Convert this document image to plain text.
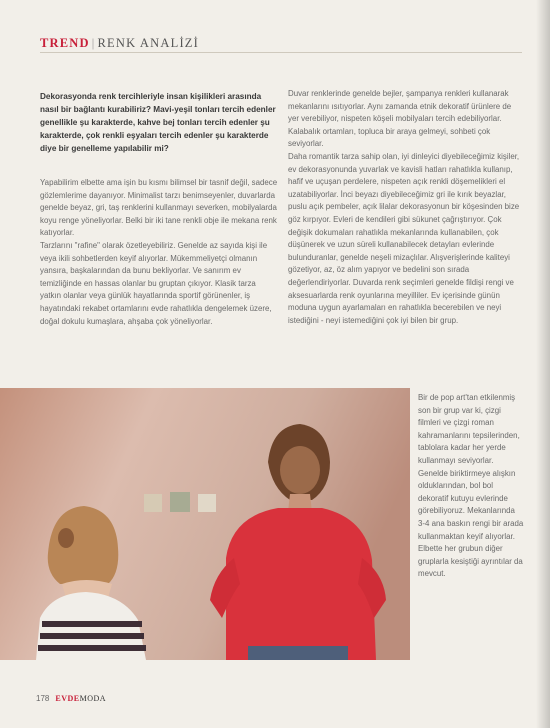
TREND | RENK ANALİZİ

Dekorasyonda renk tercihleriyle insan kişilikleri arasında nasıl bir bağlantı kurabiliriz? Mavi-yeşil tonları tercih edenler genellikle şu karakterde, kahve bej tonları tercih edenler şu karakterde, çok renkli eşyaları tercih edenler şu karakterde diye bir genelleme yapılabilir mi?

Yapabilirim elbette ama işin bu kısmı bilimsel bir tasnif değil, sadece gözlemlerime dayanıyor. Minimalist tarzı benimseyenler, duvarlarda genelde beyaz, gri, taş renklerini kullanmayı severken, mobilyalarda koyu renge yöneliyorlar. Belki bir iki tane renkli obje ile mekana renk katıyorlar.

Tarzlarını "rafine" olarak özetleyebiliriz. Genelde az sayıda kişi ile veya ikili sohbetlerden keyif alıyorlar. Mükemmeliyetçi olmanın yansıra, başkalarından da bunu bekliyorlar. Ve sanırım ev temizliğinde en hassas olanlar bu gruptan çıkıyor. Klasik tarza yatkın olanlar veya günlük hayatlarında sportif görünenler, iş hayatındaki rekabet ortamlarını evde rahatlıkla dengelemek üzere, doğal dokulu kumaşlara, ahşaba çok yöneliyorlar.

Duvar renklerinde genelde bejler, şampanya renkleri kullanarak mekanlarını ısıtıyorlar. Aynı zamanda etnik dekoratif ürünlere de yer verebiliyor, nispeten köşeli mobilyaları tercih edebiliyorlar. Kalabalık ortamları, topluca bir araya gelmeyi, sohbeti çok seviyorlar.

Daha romantik tarza sahip olan, iyi dinleyici diyebileceğimiz kişiler, ev dekorasyonunda yuvarlak ve kavisli hatları rahatlıkla kullanıp, hafif ve uçuşan perdelere, nispeten açık renkli döşemelikleri el uzatabiliyorlar. İnci beyazı diyebileceğimiz gri ile kırık beyazlar, puslu açık pembeler, açık lilalar dekorasyonun bir köşesinden bize göz kırpıyor. Evleri de kendileri gibi sükunet çağrıştırıyor. Çok değişik dokumaları rahatlıkla mekanlarında kullanabilen, çok düşünerek ve uzun süreli kullanabilecek detayları evlerinde bulunduranlar, genelde neşeli mizaçlılar. Alışverişlerinde kaliteyi gözetiyor, az, öz alım yapıyor ve bedelini son sırada değerlendiriyorlar. Duvarda renk seçimleri genelde fildişi rengi ve aksesuarlarda renk oyunlarına meyilliler. Ev içerisinde günün moduna uygun ayarlamaları en rahatlıkla becerebilen ve neyi istediğini - neyi istemediğini çok iyi bilen bir grup.

Bir de pop art'tan etkilenmiş son bir grup var ki, çizgi filmleri ve çizgi roman kahramanlarını tepsilerinden, tablolara kadar her yerde kullanmayı seviyorlar. Genelde biriktirmeye alışkın olduklarından, bol bol dekoratif kutuyu evlerinde görebiliyoruz. Mekanlarında 3-4 ana baskın rengi bir arada kullanmaktan keyif alıyorlar. Elbette her grubun diğer gruplarla kesiştiği ayrıntılar da mevcut.
178 EVDEMODA
